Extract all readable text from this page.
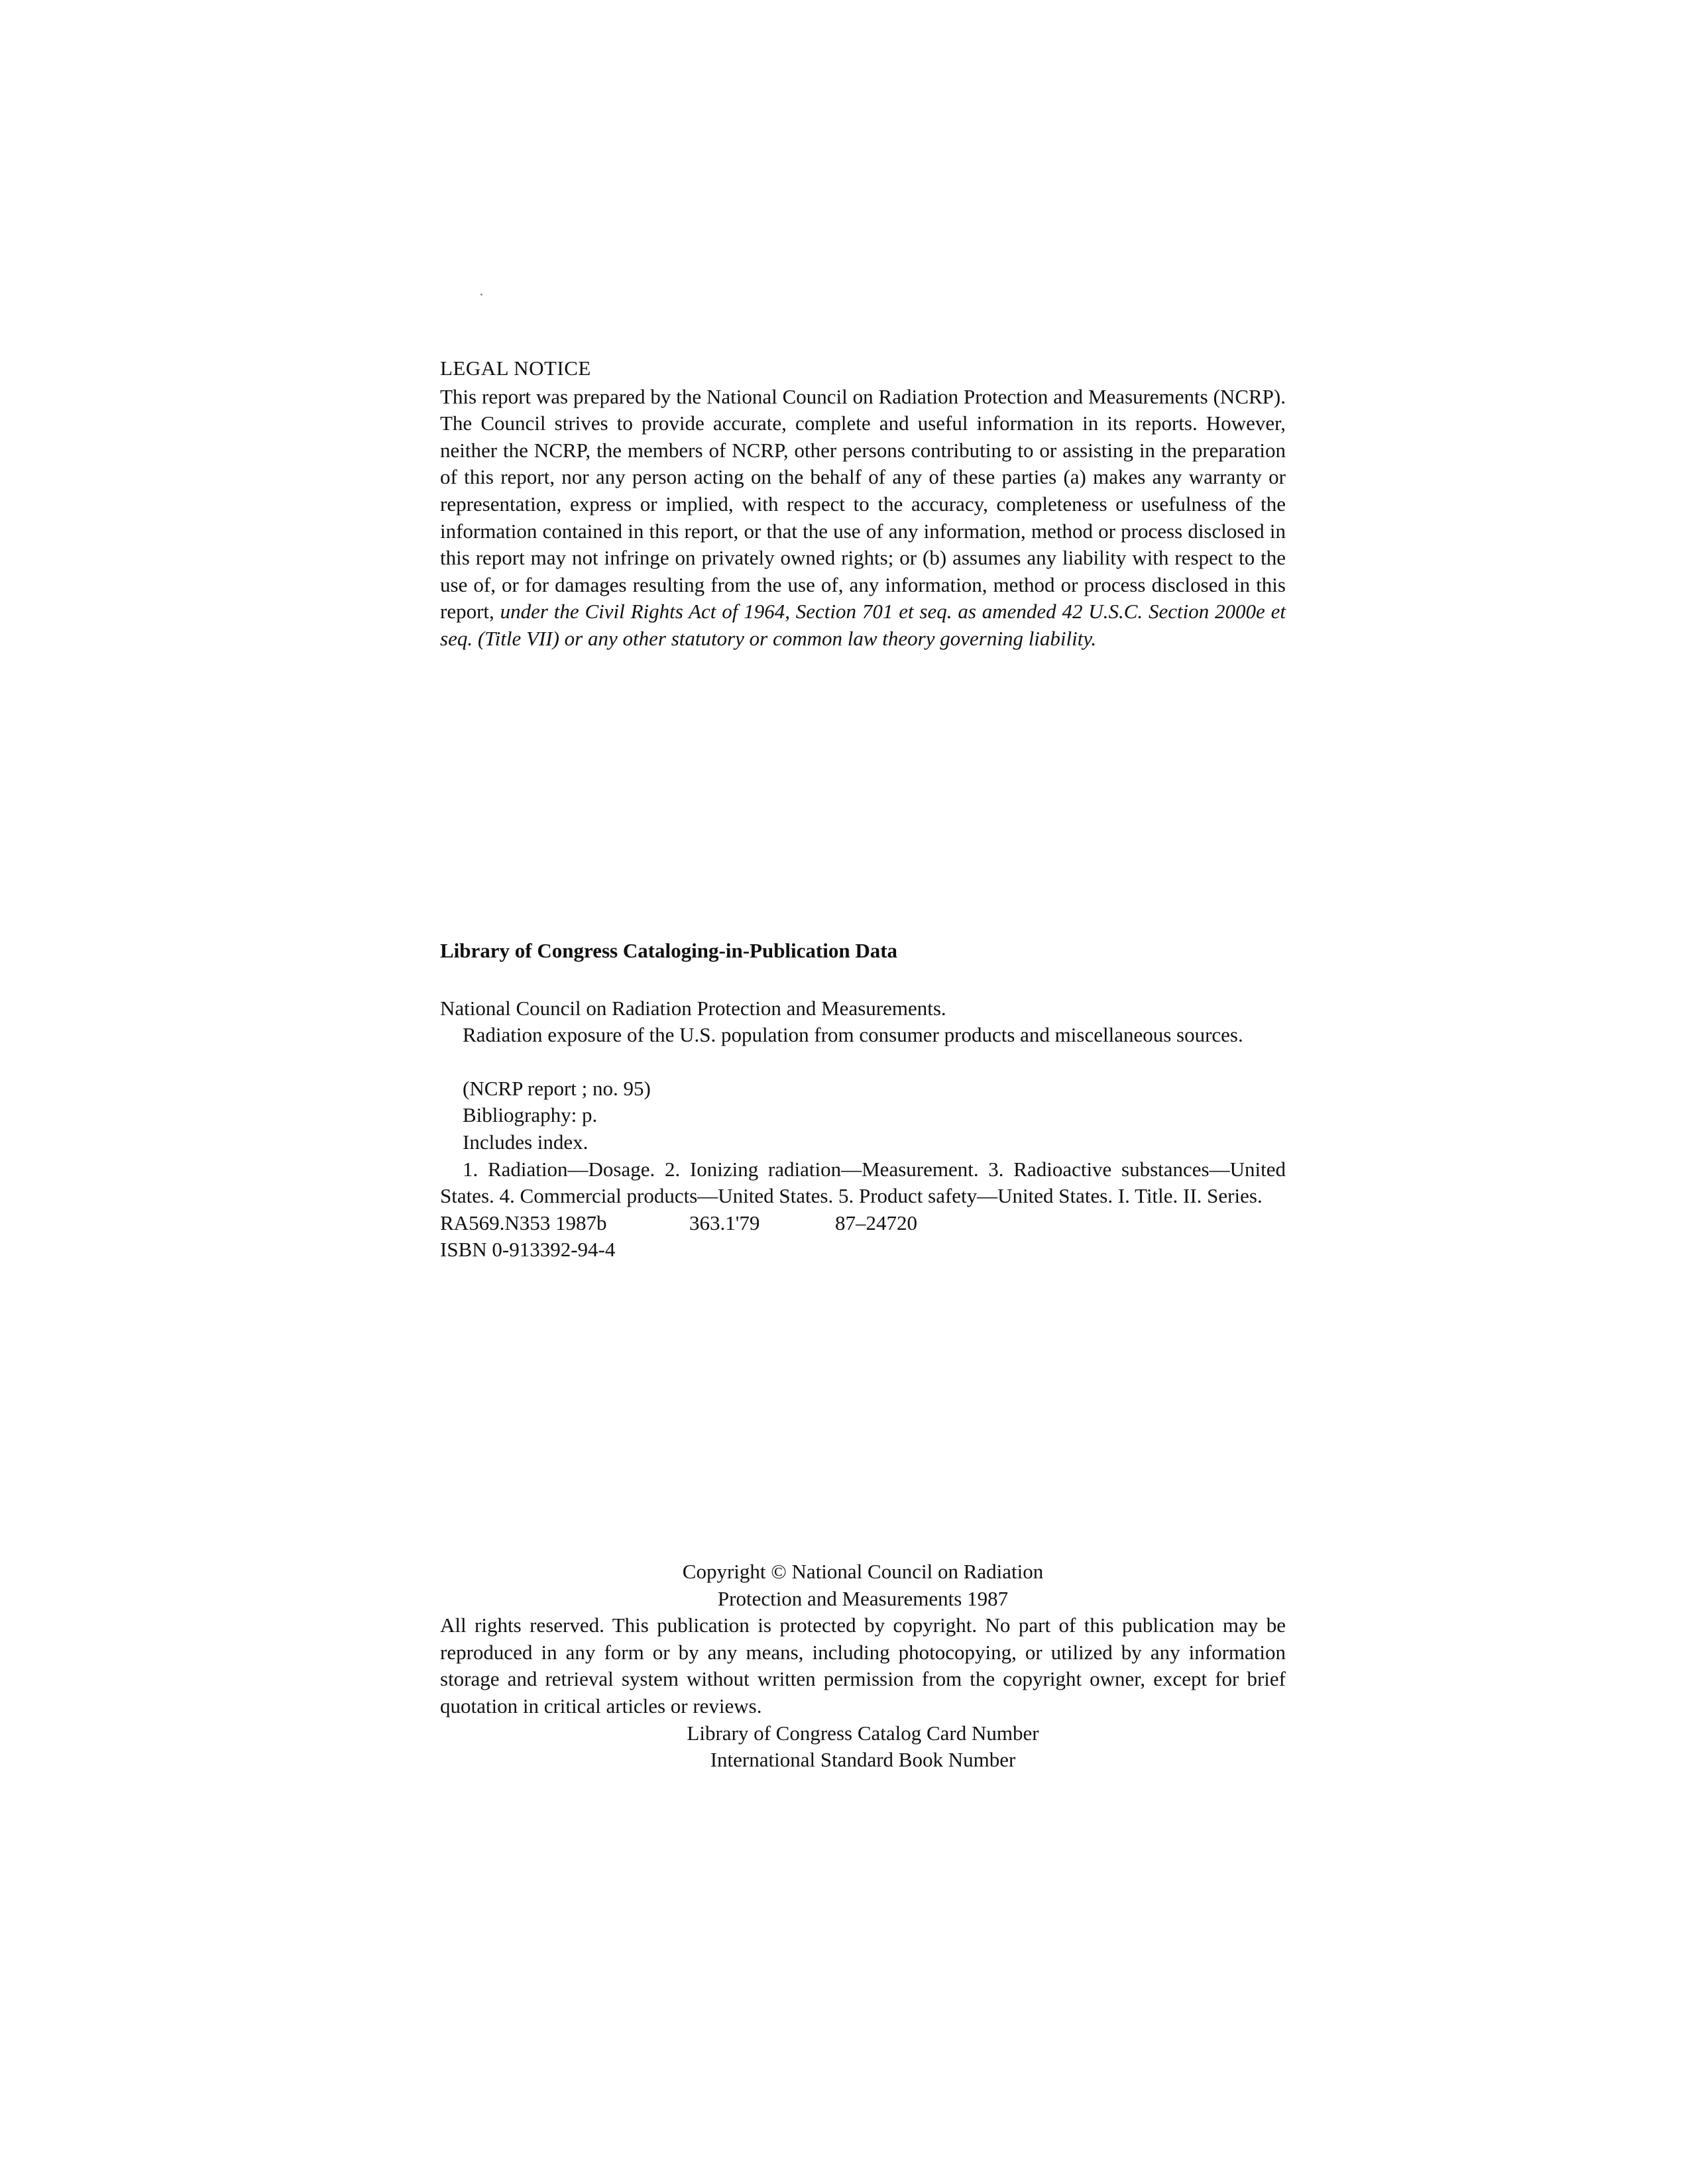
LEGAL NOTICE

This report was prepared by the National Council on Radiation Protection and Measurements (NCRP). The Council strives to provide accurate, complete and useful information in its reports. However, neither the NCRP, the members of NCRP, other persons contributing to or assisting in the preparation of this report, nor any person acting on the behalf of any of these parties (a) makes any warranty or representation, express or implied, with respect to the accuracy, completeness or usefulness of the information contained in this report, or that the use of any information, method or process disclosed in this report may not infringe on privately owned rights; or (b) assumes any liability with respect to the use of, or for damages resulting from the use of, any information, method or process disclosed in this report, under the Civil Rights Act of 1964, Section 701 et seq. as amended 42 U.S.C. Section 2000e et seq. (Title VII) or any other statutory or common law theory governing liability.

Library of Congress Cataloging-in-Publication Data

National Council on Radiation Protection and Measurements.

Radiation exposure of the U.S. population from consumer products and miscellaneous sources.

(NCRP report ; no. 95)

Bibliography: p.

Includes index.

1. Radiation—Dosage. 2. Ionizing radiation—Measurement. 3. Radioactive substances—United States. 4. Commercial products—United States. 5. Product safety—United States. I. Title. II. Series.

RA569.N353 1987b	363.1'79	87–24720

ISBN 0-913392-94-4

Copyright © National Council on Radiation

Protection and Measurements 1987

All rights reserved. This publication is protected by copyright. No part of this publication may be reproduced in any form or by any means, including photocopying, or utilized by any information storage and retrieval system without written permission from the copyright owner, except for brief quotation in critical articles or reviews.

Library of Congress Catalog Card Number

International Standard Book Number
